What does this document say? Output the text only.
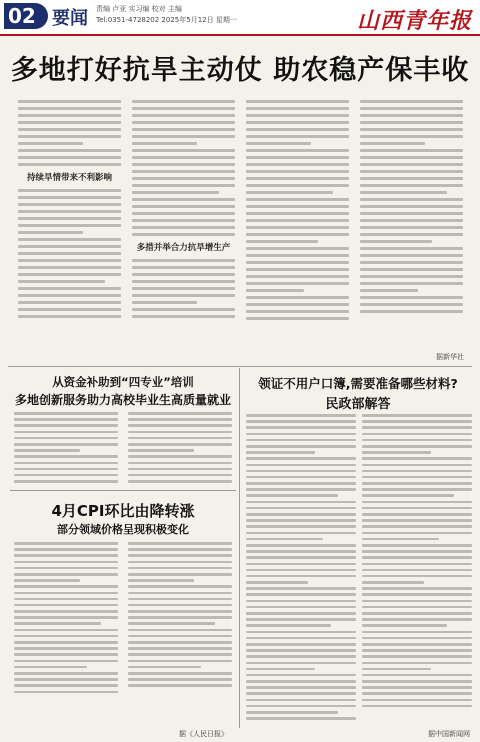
02 要闻 责编 卢亚 实习编 校对 主编
Tel:0351-4728202 2025年5月12日 星期一	山西青年报
多地打好抗旱主动仗 助农稳产保丰收
持续旱情带来不利影响
多措并举合力抗旱增生产
据新华社
从资金补助到“四专业”培训
多地创新服务助力高校毕业生高质量就业
4月CPI环比由降转涨
部分领域价格呈现积极变化
据《人民日报》
领证不用户口簿,需要准备哪些材料?
民政部解答
据中国新闻网
